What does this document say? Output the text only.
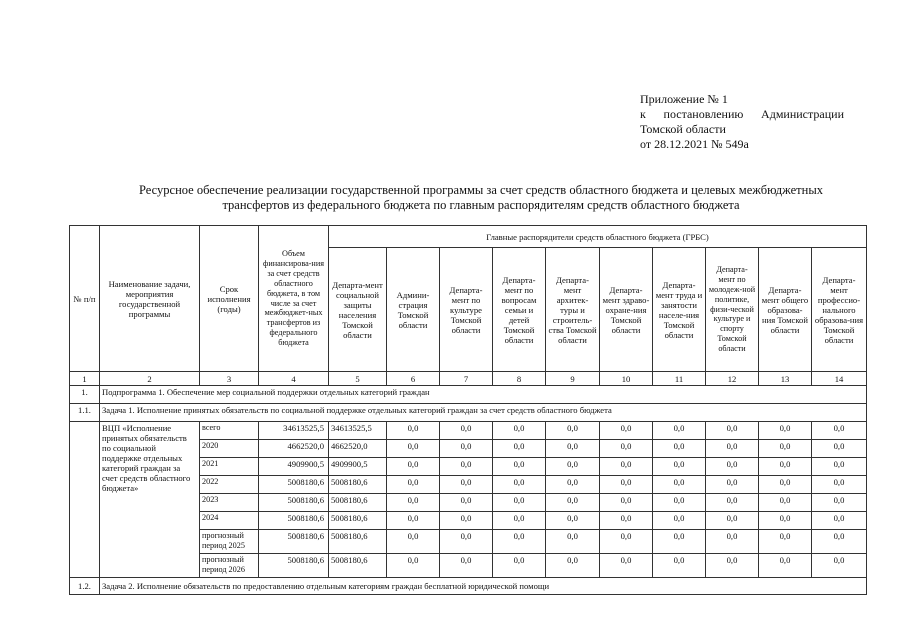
Приложение № 1
к постановлению Администрации
Томской области
от 28.12.2021 № 549а
Ресурсное обеспечение реализации государственной программы за счет средств областного бюджета и целевых межбюджетных
трансфертов из федерального бюджета по главным распорядителям средств областного бюджета
№ п/п	Наименование задачи, мероприятия государственной программы	Срок исполнения (годы)	Объем финансирова-ния за счет средств областного бюджета, в том числе за счет межбюджет-ных трансфертов из федерального бюджета	Главные распорядители средств областного бюджета (ГРБС)									
				Департа-мент социальной защиты населения Томской области	Админи-страция Томской области	Департа-мент по культуре Томской области	Департа-мент по вопросам семьи и детей Томской области	Департа-мент архитек-туры и строитель-ства Томской области	Департа-мент здраво-охране-ния Томской области	Департа-мент труда и занятости населе-ния Томской области	Департа-мент по молодеж-ной политике, физи-ческой культуре и спорту Томской области	Департа-мент общего образова-ния Томской области	Департа-мент профессио-нального образова-ния Томской области
1	2	3	4	5	6	7	8	9	10	11	12	13	14
1.	Подпрограмма 1. Обеспечение мер социальной поддержки отдельных категорий граждан												
1.1.	Задача 1. Исполнение принятых обязательств по социальной поддержке отдельных категорий граждан за счет средств областного бюджета												
	ВЦП «Исполнение принятых обязательств по социальной поддержке отдельных категорий граждан за счет средств областного бюджета»	всего	34613525,5	34613525,5	0,0	0,0	0,0	0,0	0,0	0,0	0,0	0,0	0,0
		2020	4662520,0	4662520,0	0,0	0,0	0,0	0,0	0,0	0,0	0,0	0,0	0,0
		2021	4909900,5	4909900,5	0,0	0,0	0,0	0,0	0,0	0,0	0,0	0,0	0,0
		2022	5008180,6	5008180,6	0,0	0,0	0,0	0,0	0,0	0,0	0,0	0,0	0,0
		2023	5008180,6	5008180,6	0,0	0,0	0,0	0,0	0,0	0,0	0,0	0,0	0,0
		2024	5008180,6	5008180,6	0,0	0,0	0,0	0,0	0,0	0,0	0,0	0,0	0,0
		прогнозный период 2025	5008180,6	5008180,6	0,0	0,0	0,0	0,0	0,0	0,0	0,0	0,0	0,0
		прогнозный период 2026	5008180,6	5008180,6	0,0	0,0	0,0	0,0	0,0	0,0	0,0	0,0	0,0
1.2.	Задача 2. Исполнение обязательств по предоставлению отдельным категориям граждан бесплатной юридической помощи												
